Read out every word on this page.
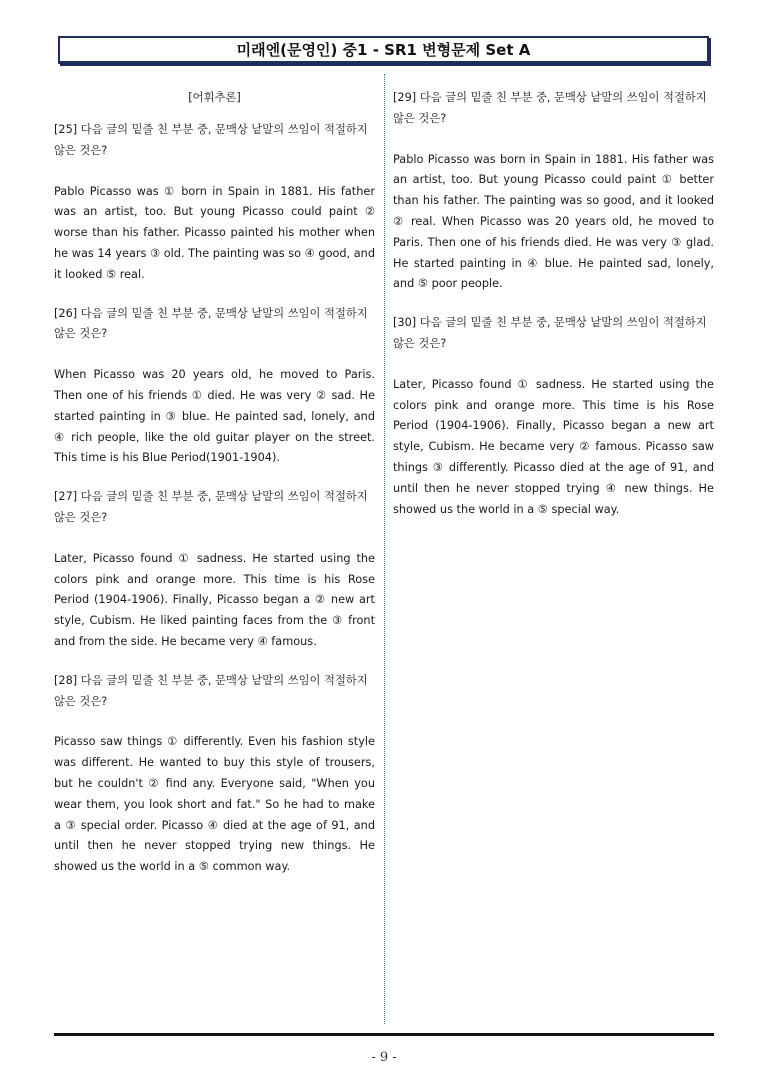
미래엔(문영인) 중1 - SR1 변형문제 Set A
[어휘추론]

[25] 다음 글의 밑줄 친 부분 중, 문맥상 낱말의 쓰임이 적절하지 않은 것은?

Pablo Picasso was ① born in Spain in 1881. His father was an artist, too. But young Picasso could paint ② worse than his father. Picasso painted his mother when he was 14 years ③ old. The painting was so ④ good, and it looked ⑤ real.

[26] 다음 글의 밑줄 친 부분 중, 문맥상 낱말의 쓰임이 적절하지 않은 것은?

When Picasso was 20 years old, he moved to Paris. Then one of his friends ① died. He was very ② sad. He started painting in ③ blue. He painted sad, lonely, and ④ rich people, like the old guitar player on the street. This time is his Blue Period(1901-1904).

[27] 다음 글의 밑줄 친 부분 중, 문맥상 낱말의 쓰임이 적절하지 않은 것은?

Later, Picasso found ① sadness. He started using the colors pink and orange more. This time is his Rose Period (1904-1906). Finally, Picasso began a ② new art style, Cubism. He liked painting faces from the ③ front and from the side. He became very ④ famous.

[28] 다음 글의 밑줄 친 부분 중, 문맥상 낱말의 쓰임이 적절하지 않은 것은?

Picasso saw things ① differently. Even his fashion style was different. He wanted to buy this style of trousers, but he couldn't ② find any. Everyone said, "When you wear them, you look short and fat." So he had to make a ③ special order. Picasso ④ died at the age of 91, and until then he never stopped trying new things. He showed us the world in a ⑤ common way.

[29] 다음 글의 밑줄 친 부분 중, 문맥상 낱말의 쓰임이 적절하지 않은 것은?

Pablo Picasso was born in Spain in 1881. His father was an artist, too. But young Picasso could paint ① better than his father. The painting was so good, and it looked ② real. When Picasso was 20 years old, he moved to Paris. Then one of his friends died. He was very ③ glad. He started painting in ④ blue. He painted sad, lonely, and ⑤ poor people.

[30] 다음 글의 밑줄 친 부분 중, 문맥상 낱말의 쓰임이 적절하지 않은 것은?

Later, Picasso found ① sadness. He started using the colors pink and orange more. This time is his Rose Period (1904-1906). Finally, Picasso began a new art style, Cubism. He became very ② famous. Picasso saw things ③ differently. Picasso died at the age of 91, and until then he never stopped trying ④ new things. He showed us the world in a ⑤ special way.

- 9 -
